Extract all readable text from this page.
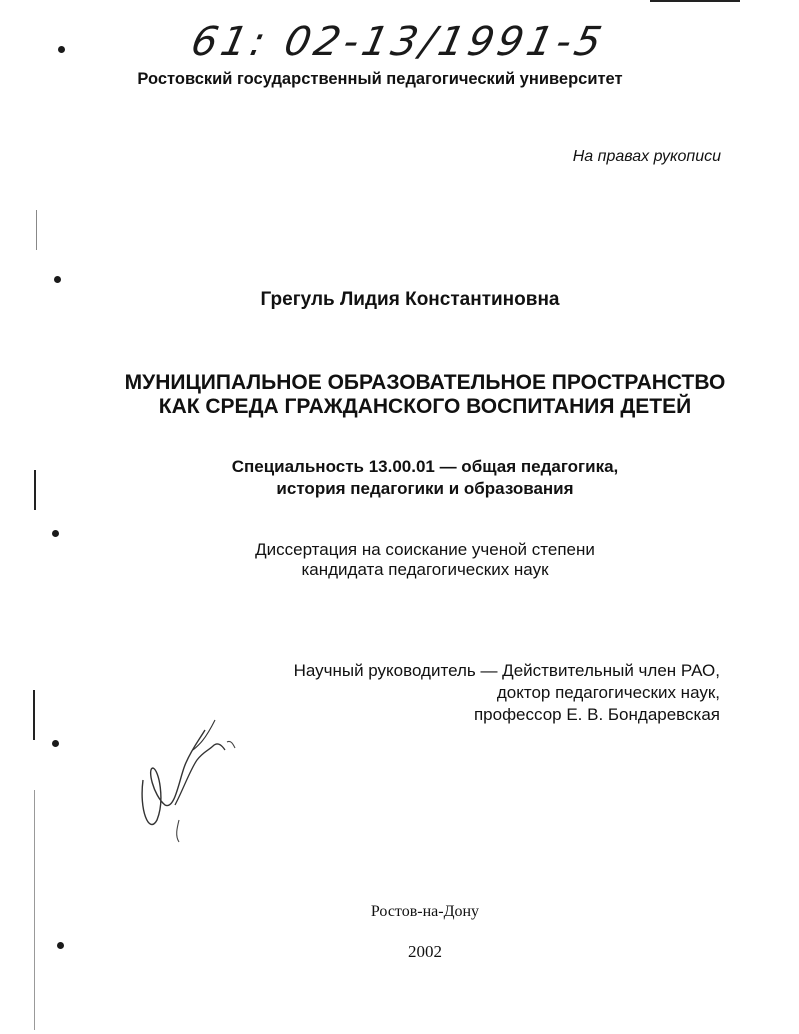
61: 02-13/1991-5
Ростовский государственный педагогический университет
На правах рукописи
Грегуль Лидия Константиновна
МУНИЦИПАЛЬНОЕ ОБРАЗОВАТЕЛЬНОЕ ПРОСТРАНСТВО
КАК СРЕДА ГРАЖДАНСКОГО ВОСПИТАНИЯ ДЕТЕЙ
Специальность 13.00.01 — общая педагогика,
история педагогики и образования
Диссертация на соискание ученой степени
кандидата педагогических наук
Научный руководитель — Действительный член РАО,
доктор педагогических наук,
профессор Е. В. Бондаревская
Ростов-на-Дону
2002
